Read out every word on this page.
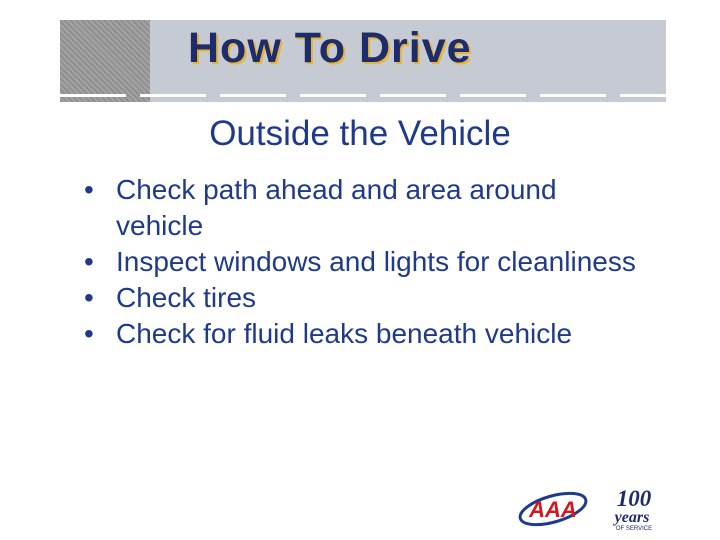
How To Drive
Outside the Vehicle
• Check path ahead and area around vehicle
• Inspect windows and lights for cleanliness
• Check tires
• Check for fluid leaks beneath vehicle
AAA 100
years
OF SERVICE
